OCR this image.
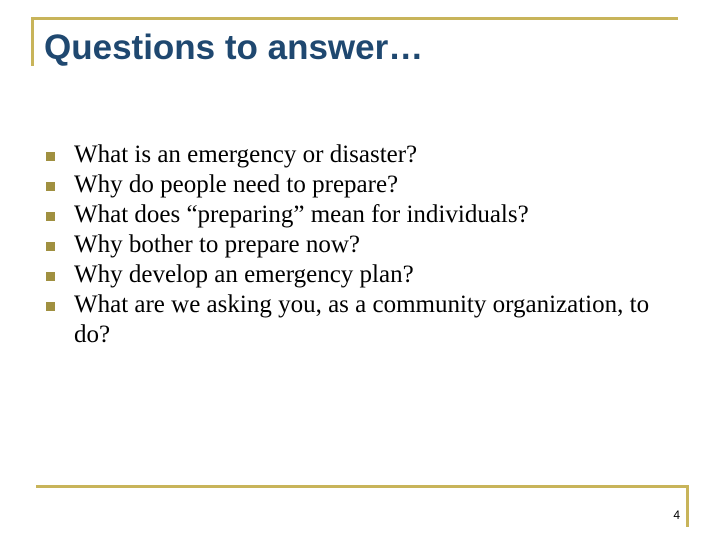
Questions to answer…
What is an emergency or disaster?
Why do people need to prepare?
What does “preparing” mean for individuals?
Why bother to prepare now?
Why develop an emergency plan?
What are we asking you, as a community organization, to do?
4
